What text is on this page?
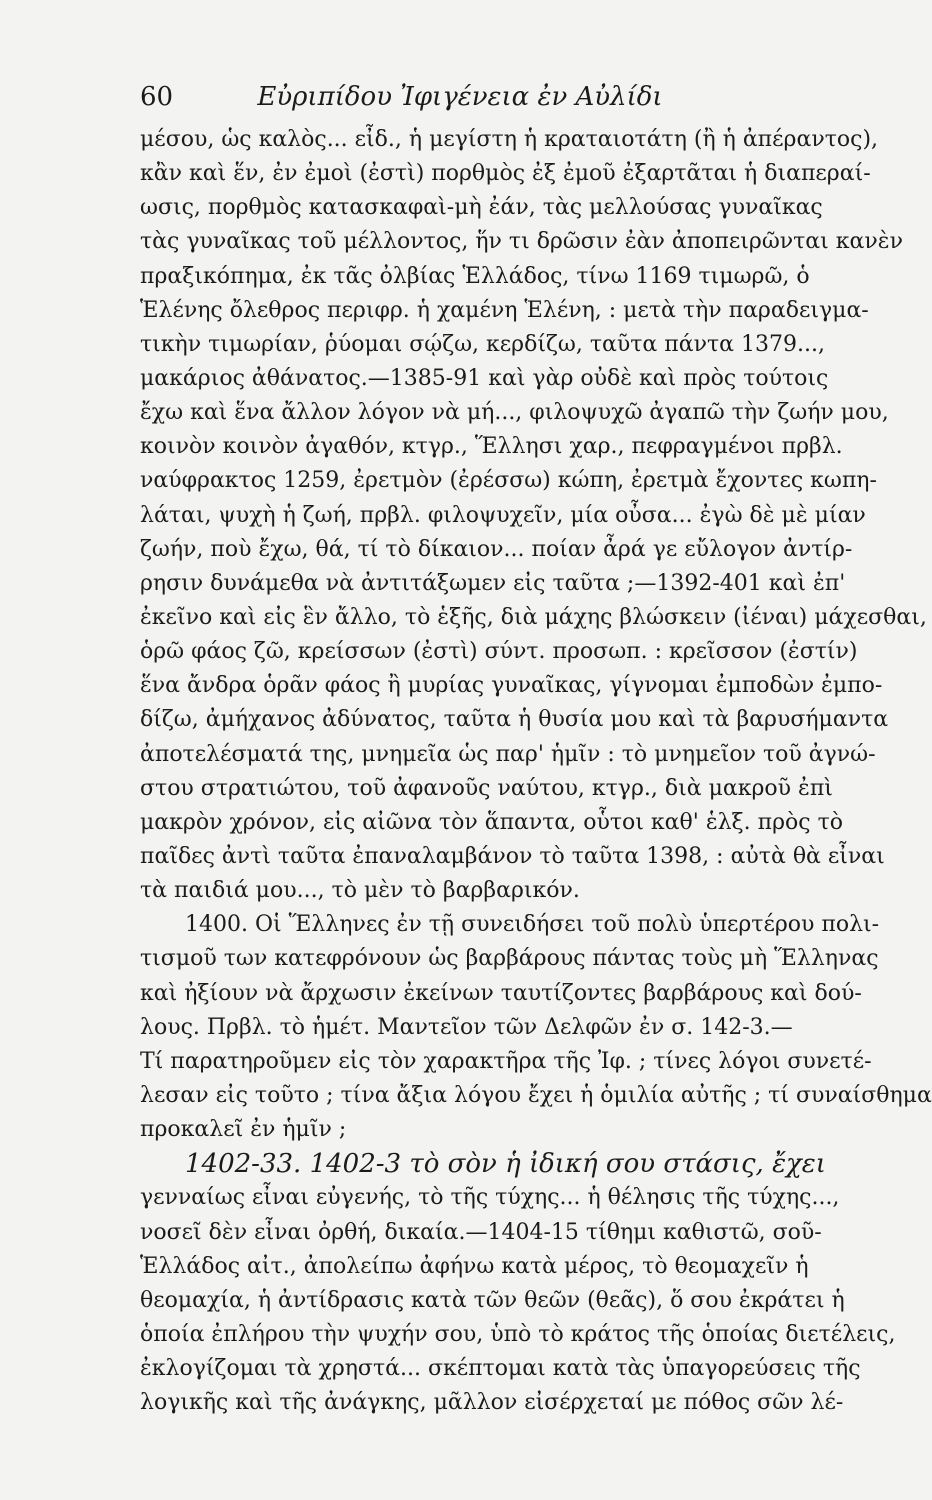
60	Εὐριπίδου Ἰφιγένεια ἐν Αὐλίδι
μέσου, ὡς καλὸς... εἶδ., ἡ μεγίστη ἡ κραταιοτάτη (ἢ ἡ ἀπέραντος),
κἂν καὶ ἕν, ἐν ἐμοὶ (ἐστὶ) πορθμὸς ἐξ ἐμοῦ ἐξαρτᾶται ἡ διαπεραί-
ωσις, πορθμὸς κατασκαφαὶ-μὴ ἐάν, τὰς μελλούσας γυναῖκας
τὰς γυναῖκας τοῦ μέλλοντος, ἥν τι δρῶσιν ἐὰν ἀποπειρῶνται κανὲν
πραξικόπημα, ἐκ τᾶς ὀλβίας Ἑλλάδος, τίνω 1169 τιμωρῶ, ὁ
Ἑλένης ὄλεθρος περιφρ. ἡ χαμένη Ἑλένη, : μετὰ τὴν παραδειγμα-
τικὴν τιμωρίαν, ῥύομαι σῴζω, κερδίζω, ταῦτα πάντα 1379...,
μακάριος ἀθάνατος.—1385-91 καὶ γὰρ οὐδὲ καὶ πρὸς τούτοις
ἔχω καὶ ἕνα ἄλλον λόγον νὰ μή..., φιλοψυχῶ ἀγαπῶ τὴν ζωήν μου,
κοινὸν κοινὸν ἀγαθόν, κτγρ., Ἕλλησι χαρ., πεφραγμένοι πρβλ.
ναύφρακτος 1259, ἐρετμὸν (ἐρέσσω) κώπη, ἐρετμὰ ἔχοντες κωπη-
λάται, ψυχὴ ἡ ζωή, πρβλ. φιλοψυχεῖν, μία οὖσα... ἐγὼ δὲ μὲ μίαν
ζωήν, ποὺ ἔχω, θά, τί τὸ δίκαιον... ποίαν ἆρά γε εὔλογον ἀντίρ-
ρησιν δυνάμεθα νὰ ἀντιτάξωμεν εἰς ταῦτα ;—1392-401 καὶ ἐπ'
ἐκεῖνο καὶ εἰς ἓν ἄλλο, τὸ ἑξῆς, διὰ μάχης βλώσκειν (ἰέναι) μάχεσθαι,
ὁρῶ φάος ζῶ, κρείσσων (ἐστὶ) σύντ. προσωπ. : κρεῖσσον (ἐστίν)
ἕνα ἄνδρα ὁρᾶν φάος ἢ μυρίας γυναῖκας, γίγνομαι ἐμποδὼν ἐμπο-
δίζω, ἀμήχανος ἀδύνατος, ταῦτα ἡ θυσία μου καὶ τὰ βαρυσήμαντα
ἀποτελέσματά της, μνημεῖα ὡς παρ' ἡμῖν : τὸ μνημεῖον τοῦ ἀγνώ-
στου στρατιώτου, τοῦ ἀφανοῦς ναύτου, κτγρ., διὰ μακροῦ ἐπὶ
μακρὸν χρόνον, εἰς αἰῶνα τὸν ἅπαντα, οὗτοι καθ' ἑλξ. πρὸς τὸ
παῖδες ἀντὶ ταῦτα ἐπαναλαμβάνον τὸ ταῦτα 1398, : αὐτὰ θὰ εἶναι
τὰ παιδιά μου..., τὸ μὲν τὸ βαρβαρικόν.
1400. Οἱ Ἕλληνες ἐν τῇ συνειδήσει τοῦ πολὺ ὑπερτέρου πολι-
τισμοῦ των κατεφρόνουν ὡς βαρβάρους πάντας τοὺς μὴ Ἕλληνας
καὶ ἠξίουν νὰ ἄρχωσιν ἐκείνων ταυτίζοντες βαρβάρους καὶ δού-
λους. Πρβλ. τὸ ἡμέτ. Μαντεῖον τῶν Δελφῶν ἐν σ. 142-3.—
Τί παρατηροῦμεν εἰς τὸν χαρακτῆρα τῆς Ἰφ. ; τίνες λόγοι συνετέ-
λεσαν εἰς τοῦτο ; τίνα ἄξια λόγου ἔχει ἡ ὁμιλία αὐτῆς ; τί συναίσθημα
προκαλεῖ ἐν ἡμῖν ;
1402-33. 1402-3 τὸ σὸν ἡ ἰδική σου στάσις, ἔχει
γενναίως εἶναι εὐγενής, τὸ τῆς τύχης... ἡ θέλησις τῆς τύχης...,
νοσεῖ δὲν εἶναι ὀρθή, δικαία.—1404-15 τίθημι καθιστῶ, σοῦ-
Ἑλλάδος αἰτ., ἀπολείπω ἀφήνω κατὰ μέρος, τὸ θεομαχεῖν ἡ
θεομαχία, ἡ ἀντίδρασις κατὰ τῶν θεῶν (θεᾶς), ὅ σου ἐκράτει ἡ
ὁποία ἐπλήρου τὴν ψυχήν σου, ὑπὸ τὸ κράτος τῆς ὁποίας διετέλεις,
ἐκλογίζομαι τὰ χρηστά... σκέπτομαι κατὰ τὰς ὑπαγορεύσεις τῆς
λογικῆς καὶ τῆς ἀνάγκης, μᾶλλον εἰσέρχεταί με πόθος σῶν λέ-
